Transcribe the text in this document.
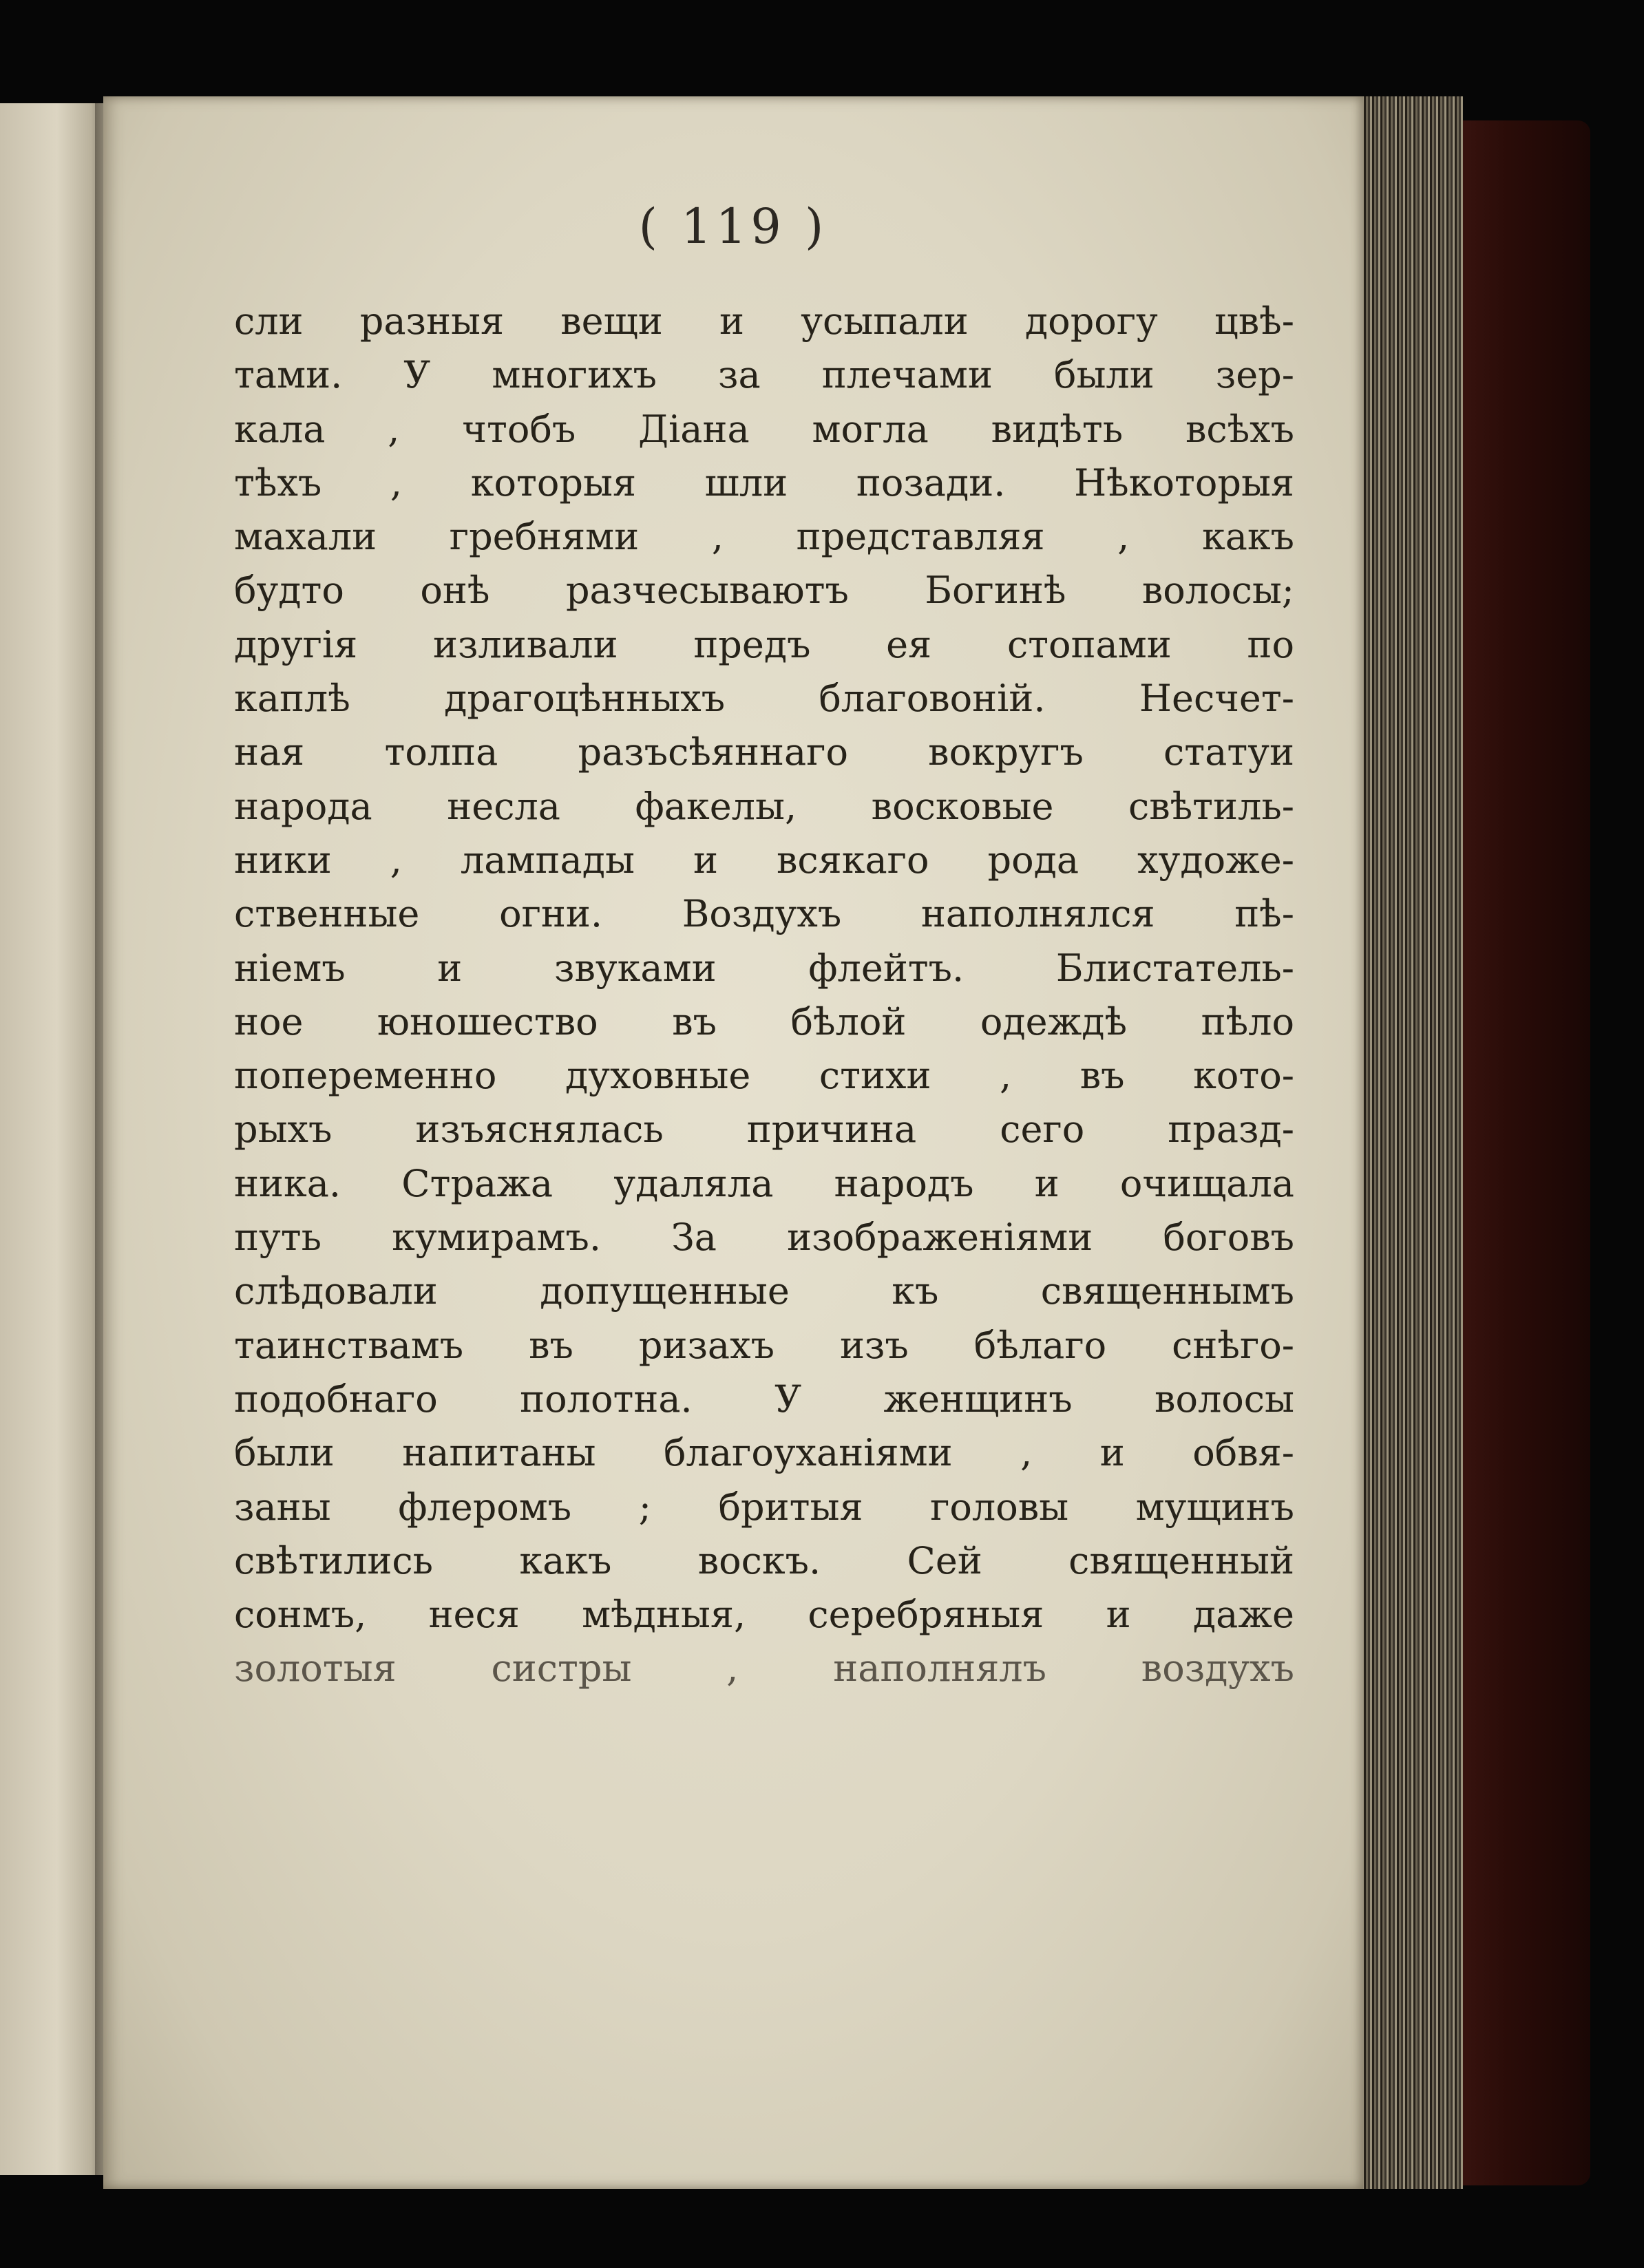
( 119 )
сли разныя вещи и усыпали дорогу цвѣ-
тами. У многихъ за плечами были зер-
кала , чтобъ Діана могла видѣть всѣхъ
тѣхъ , которыя шли позади. Нѣкоторыя
махали гребнями , представляя , какъ
будто онѣ разчесываютъ Богинѣ волосы;
другія изливали предъ ея стопами по
каплѣ драгоцѣнныхъ благовоній. Несчет-
ная толпа разъсѣяннаго вокругъ статуи
народа несла факелы, восковые свѣтиль-
ники , лампады и всякаго рода художе-
ственные огни. Воздухъ наполнялся пѣ-
ніемъ и звуками флейтъ. Блистатель-
ное юношество въ бѣлой одеждѣ пѣло
попеременно духовные стихи , въ кото-
рыхъ изъяснялась причина сего празд-
ника. Стража удаляла народъ и очищала
путь кумирамъ. За изображеніями боговъ
слѣдовали допущенные къ священнымъ
таинствамъ въ ризахъ изъ бѣлаго снѣго-
подобнаго полотна. У женщинъ волосы
были напитаны благоуханіями , и обвя-
заны флеромъ ; бритыя головы мущинъ
свѣтились какъ воскъ. Сей священный
сонмъ, неся мѣдныя, серебряныя и даже
золотыя систры , наполнялъ воздухъ
